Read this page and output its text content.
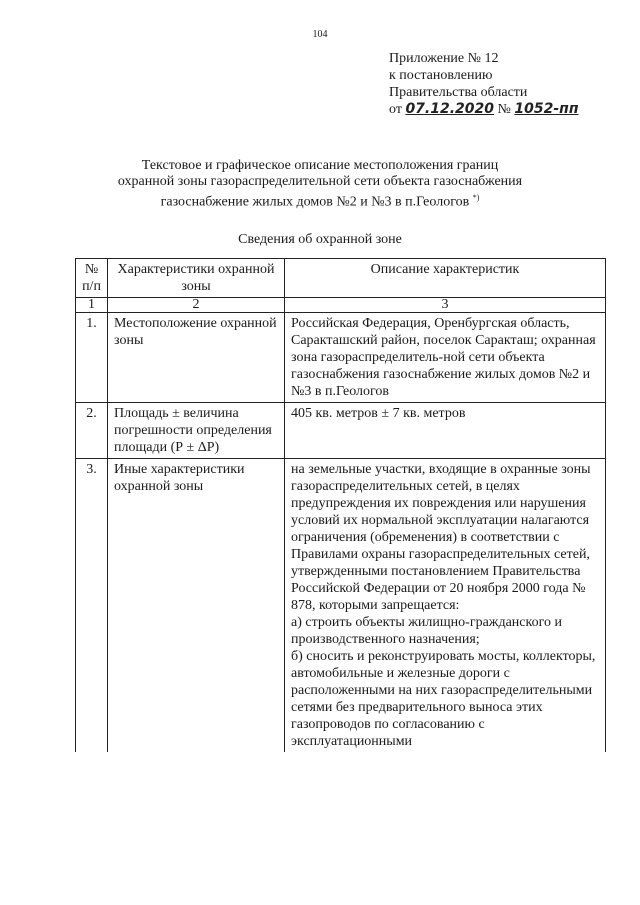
104
Приложение № 12
к постановлению
Правительства области
от 07.12.2020 № 1052-пп
Текстовое и графическое описание местоположения границ
охранной зоны газораспределительной сети объекта газоснабжения
газоснабжение жилых домов №2 и №3 в п.Геологов *)
Сведения об охранной зоне
№ п/п	Характеристики охранной зоны	Описание характеристик
1	2	3
1.	Местоположение охранной зоны	Российская Федерация, Оренбургская область, Саракташский район, поселок Саракташ; охранная зона газораспределитель-ной сети объекта газоснабжения газоснабжение жилых домов №2 и №3 в п.Геологов
2.	Площадь ± величина погрешности определения площади (Р ± ΔР)	405 кв. метров ± 7 кв. метров
3.	Иные характеристики охранной зоны	на земельные участки, входящие в охранные зоны газораспределительных сетей, в целях предупреждения их повреждения или нарушения условий их нормальной эксплуатации налагаются ограничения (обременения) в соответствии с Правилами охраны газораспределительных сетей, утвержденными постановлением Правительства Российской Федерации от 20 ноября 2000 года № 878, которыми запрещается:
а) строить объекты жилищно-гражданского и производственного назначения;
б) сносить и реконструировать мосты, коллекторы, автомобильные и железные дороги с расположенными на них газораспределительными сетями без предварительного выноса этих газопроводов по согласованию с эксплуатационными
